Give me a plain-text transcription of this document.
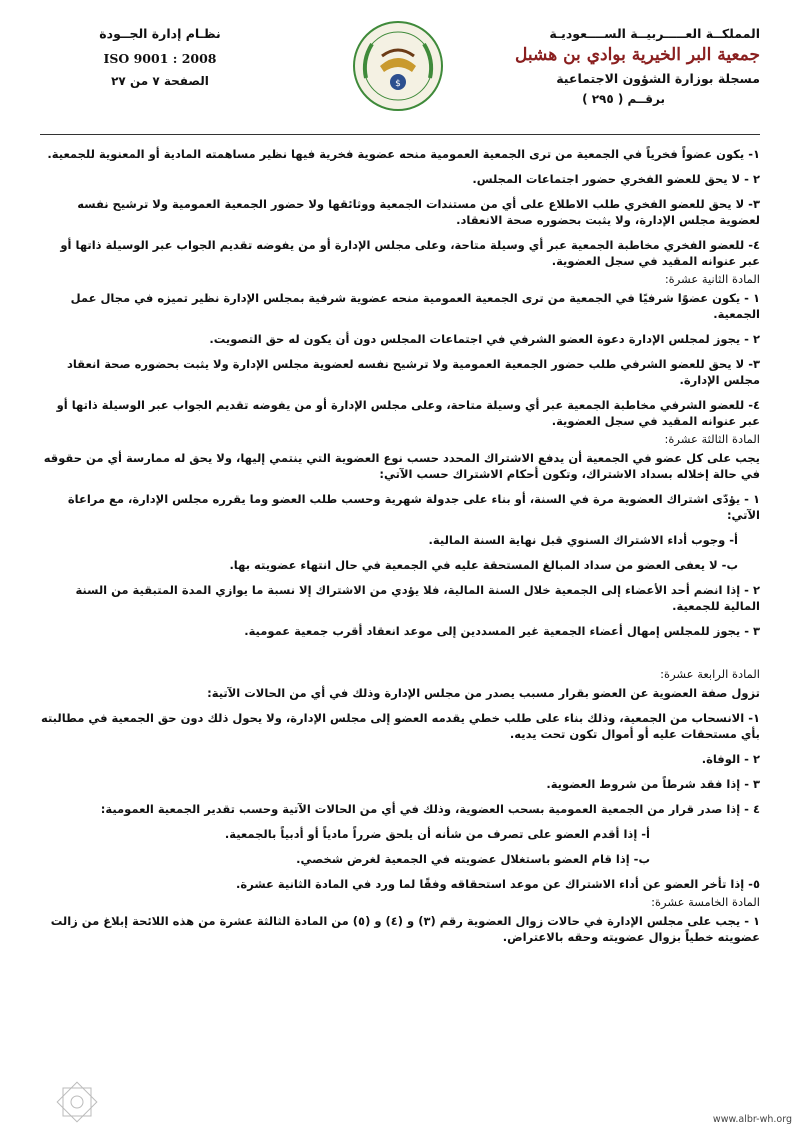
المملكــة العـــــربيــة الســــعوديـة
جمعية البر الخيرية بوادي بن هشبل
مسجلة بوزارة الشؤون الاجتماعية
برقــم ( ٢٩٥ )
$
نظـام إدارة الجــودة
ISO 9001 : 2008
الصفحة ٧ من ٢٧

١- يكون عضواً فخرياً في الجمعية من ترى الجمعية العمومية منحه عضوية فخرية فيها نظير مساهمته المادية أو المعنوية للجمعية.

٢ - لا يحق للعضو الفخري حضور اجتماعات المجلس.

٣- لا يحق للعضو الفخري طلب الاطلاع على أي من مستندات الجمعية ووثائقها ولا حضور الجمعية العمومية ولا ترشيح نفسه لعضوية مجلس الإدارة، ولا يثبت بحضوره صحة الانعقاد.

٤- للعضو الفخري مخاطبة الجمعية عبر أي وسيلة متاحة، وعلى مجلس الإدارة أو من يفوضه تقديم الجواب عبر الوسيلة ذاتها أو عبر عنوانه المقيد في سجل العضوية.

المادة الثانية عشرة:

١ - يكون عضوًا شرفيًا في الجمعية من ترى الجمعية العمومية منحه عضوية شرفية بمجلس الإدارة نظير تميزه في مجال عمل الجمعية.

٢ - يجوز لمجلس الإدارة دعوة العضو الشرفي في اجتماعات المجلس دون أن يكون له حق التصويت.

٣- لا يحق للعضو الشرفي طلب حضور الجمعية العمومية ولا ترشيح نفسه لعضوية مجلس الإدارة ولا يثبت بحضوره صحة انعقاد مجلس الإدارة.

٤- للعضو الشرفي مخاطبة الجمعية عبر أي وسيلة متاحة، وعلى مجلس الإدارة أو من يفوضه تقديم الجواب عبر الوسيلة ذاتها أو عبر عنوانه المقيد في سجل العضوية.

المادة الثالثة عشرة:

يجب على كل عضو في الجمعية أن يدفع الاشتراك المحدد حسب نوع العضوية التي ينتمي إليها، ولا يحق له ممارسة أي من حقوقه في حالة إخلاله بسداد الاشتراك، وتكون أحكام الاشتراك حسب الآتي:

١ - يؤدّى اشتراك العضوية مرة في السنة، أو بناء على جدولة شهرية وحسب طلب العضو وما يقرره مجلس الإدارة، مع مراعاة الآتي:

أ- وجوب أداء الاشتراك السنوي قبل نهاية السنة المالية.

ب- لا يعفى العضو من سداد المبالغ المستحقة عليه في الجمعية في حال انتهاء عضويته بها.

٢ - إذا انضم أحد الأعضاء إلى الجمعية خلال السنة المالية، فلا يؤدي من الاشتراك إلا نسبة ما يوازي المدة المتبقية من السنة المالية للجمعية.

٣ - يجوز للمجلس إمهال أعضاء الجمعية غير المسددين إلى موعد انعقاد أقرب جمعية عمومية.

المادة الرابعة عشرة:

تزول صفة العضوية عن العضو بقرار مسبب يصدر من مجلس الإدارة وذلك في أي من الحالات الآتية:

١- الانسحاب من الجمعية، وذلك بناء على طلب خطي يقدمه العضو إلى مجلس الإدارة، ولا يحول ذلك دون حق الجمعية في مطالبته بأي مستحقات عليه أو أموال تكون تحت يديه.

٢ - الوفاة.

٣ - إذا فقد شرطاً من شروط العضوية.

٤ - إذا صدر قرار من الجمعية العمومية بسحب العضوية، وذلك في أي من الحالات الآتية وحسب تقدير الجمعية العمومية:

أ- إذا أقدم العضو على تصرف من شأنه أن يلحق ضرراً مادياً أو أدبياً بالجمعية.

ب- إذا قام العضو باستغلال عضويته في الجمعية لغرض شخصي.

٥- إذا تأخر العضو عن أداء الاشتراك عن موعد استحقاقه وفقًا لما ورد في المادة الثانية عشرة.

المادة الخامسة عشرة:

١ - يجب على مجلس الإدارة في حالات زوال العضوية رقم (٣) و (٤) و (٥) من المادة الثالثة عشرة من هذه اللائحة إبلاغ من زالت عضويته خطياً بزوال عضويته وحقه بالاعتراض.

www.albr-wh.org
